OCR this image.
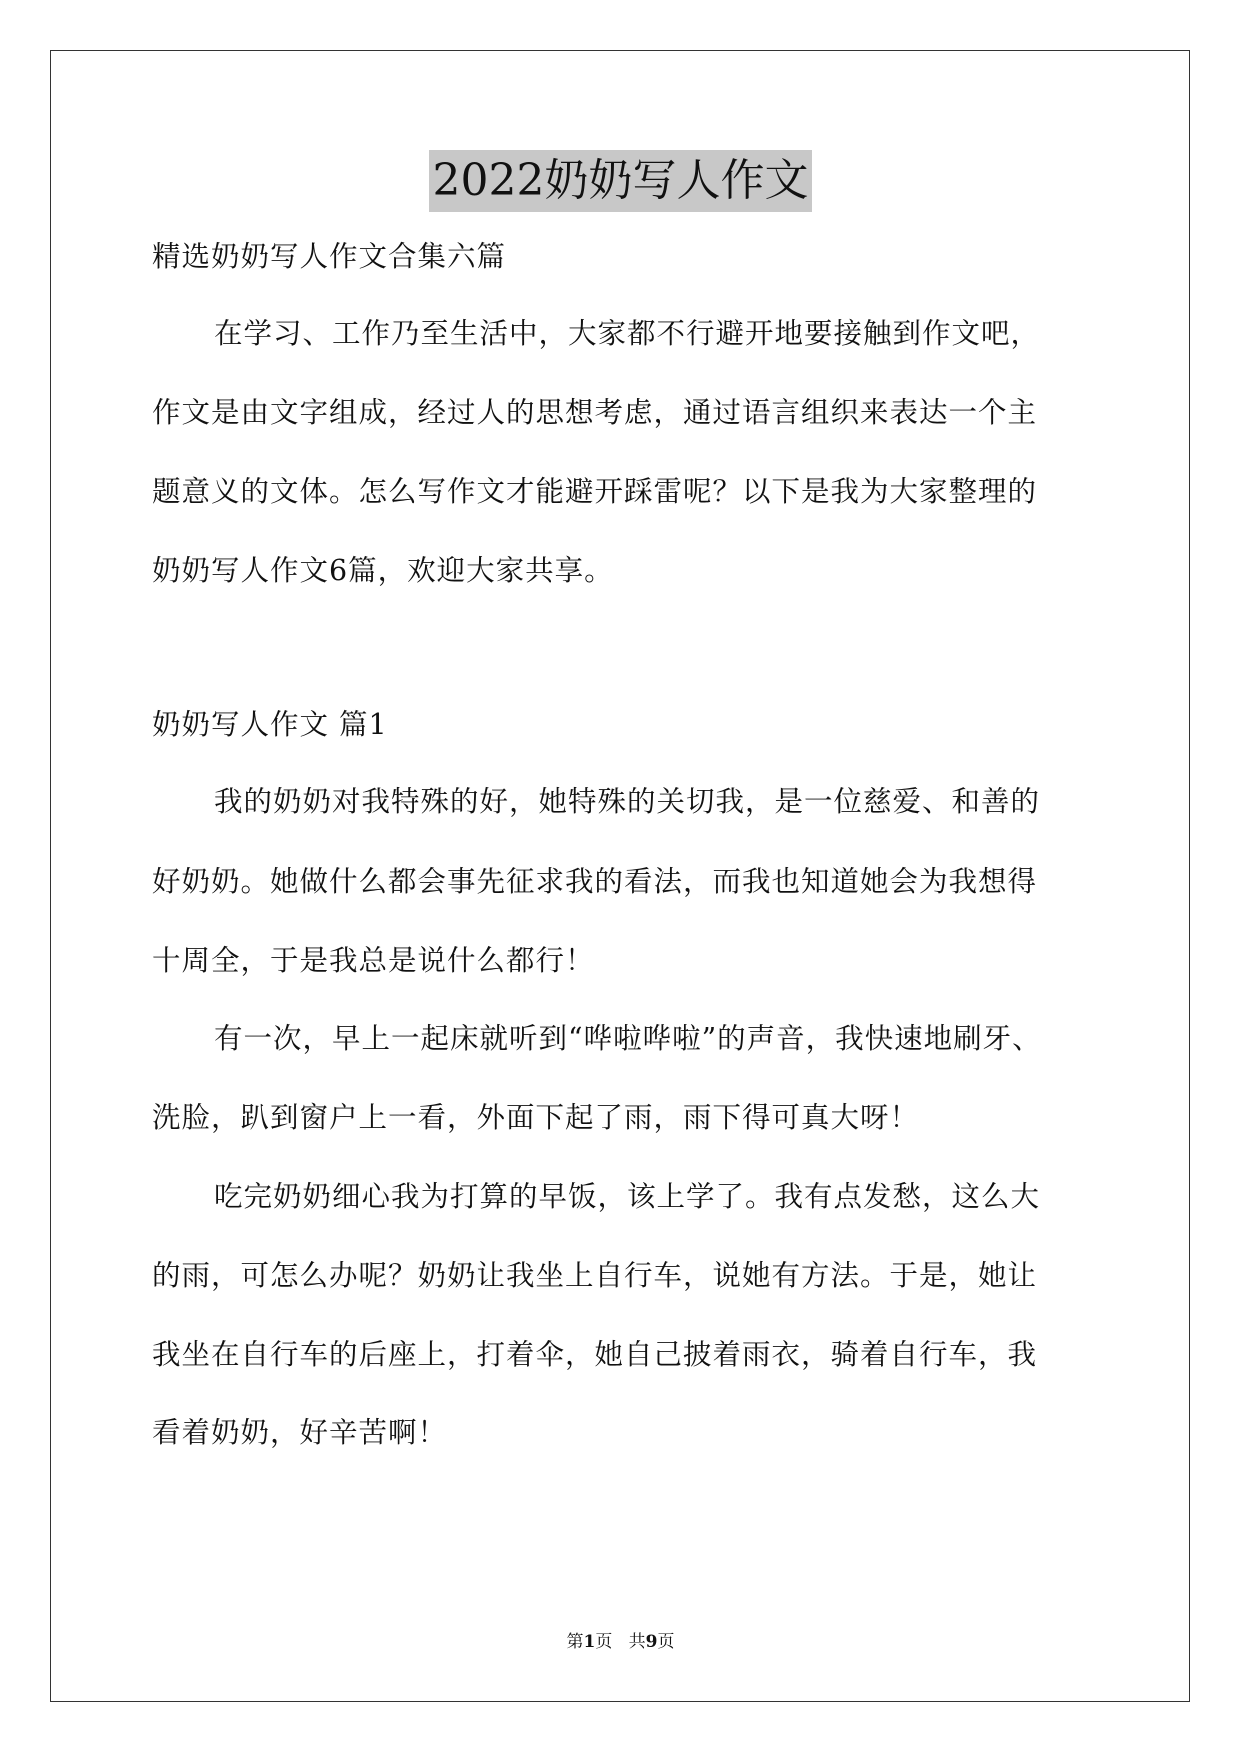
2022奶奶写人作文
精选奶奶写人作文合集六篇
在学习、工作乃至生活中，大家都不行避开地要接触到作文吧，
作文是由文字组成，经过人的思想考虑，通过语言组织来表达一个主
题意义的文体。怎么写作文才能避开踩雷呢？以下是我为大家整理的
奶奶写人作文6篇，欢迎大家共享。
奶奶写人作文 篇1
我的奶奶对我特殊的好，她特殊的关切我，是一位慈爱、和善的
好奶奶。她做什么都会事先征求我的看法，而我也知道她会为我想得
十周全，于是我总是说什么都行！
有一次，早上一起床就听到“哗啦哗啦”的声音，我快速地刷牙、
洗脸，趴到窗户上一看，外面下起了雨，雨下得可真大呀！
吃完奶奶细心我为打算的早饭，该上学了。我有点发愁，这么大
的雨，可怎么办呢？奶奶让我坐上自行车，说她有方法。于是，她让
我坐在自行车的后座上，打着伞，她自己披着雨衣，骑着自行车，我
看着奶奶，好辛苦啊！
第1页   共9页
